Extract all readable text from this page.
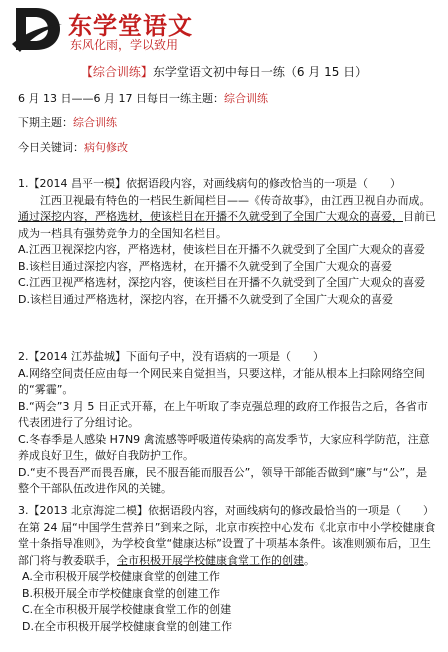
东学堂语文
东风化雨，学以致用
【综合训练】东学堂语文初中每日一练（6 月 15 日）
6 月 13 日——6 月 17 日每日一练主题：综合训练
下期主题：综合训练
今日关键词：病句修改

1.【2014 昌平一模】依据语段内容，对画线病句的修改恰当的一项是（　　）

江西卫视最有特色的一档民生新闻栏目——《传奇故事》，由江西卫视自办而成。通过深挖内容，严格选材，使该栏目在开播不久就受到了全国广大观众的喜爱，目前已成为一档具有强势竞争力的全国知名栏目。

A.江西卫视深挖内容，严格选材，使该栏目在开播不久就受到了全国广大观众的喜爱

B.该栏目通过深挖内容，严格选材，在开播不久就受到了全国广大观众的喜爱

C.江西卫视严格选材，深挖内容，使该栏目在开播不久就受到了全国广大观众的喜爱

D.该栏目通过严格选材，深挖内容，在开播不久就受到了全国广大观众的喜爱

2.【2014 江苏盐城】下面句子中，没有语病的一项是（　　）

A.网络空间责任应由每一个网民来自觉担当，只要这样，才能从根本上扫除网络空间的“雾霾”。

B.“两会”3 月 5 日正式开幕，在上午听取了李克强总理的政府工作报告之后，各省市代表团进行了分组讨论。

C.冬春季是人感染 H7N9 禽流感等呼吸道传染病的高发季节，大家应科学防范，注意养成良好卫生，做好自我防护工作。

D.“吏不畏吾严而畏吾廉，民不服吾能而服吾公”，领导干部能否做到“廉”与“公”，是整个干部队伍改进作风的关键。

3.【2013 北京海淀二模】依据语段内容，对画线病句的修改最恰当的一项是（　　）

在第 24 届“中国学生营养日”到来之际，北京市疾控中心发布《北京市中小学校健康食堂十条指导准则》，为学校食堂“健康达标”设置了十项基本条件。该准则颁布后，卫生部门将与教委联手，全市积极开展学校健康食堂工作的创建。

A.全市积极开展学校健康食堂的创建工作

B.积极开展全市学校健康食堂的创建工作

C.在全市积极开展学校健康食堂工作的创建

D.在全市积极开展学校健康食堂的创建工作
